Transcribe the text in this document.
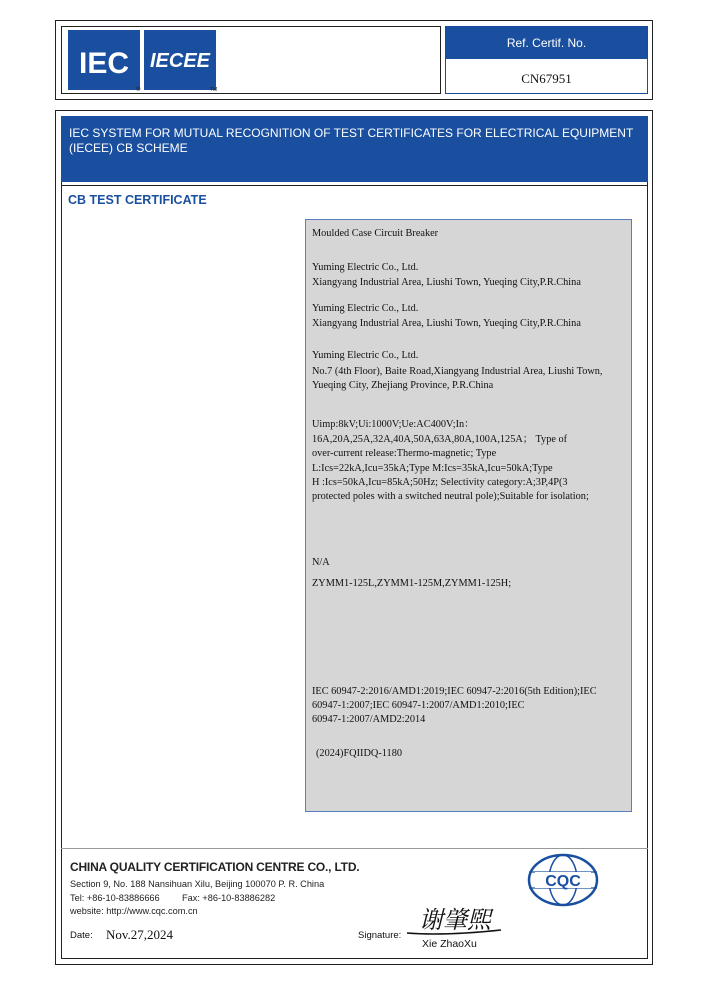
IEC IECEE
®	TM
Ref. Certif. No.
CN67951
IEC SYSTEM FOR MUTUAL RECOGNITION OF TEST CERTIFICATES FOR ELECTRICAL EQUIPMENT (IECEE) CB SCHEME
CB TEST CERTIFICATE
Moulded Case Circuit Breaker
Yuming Electric Co., Ltd.
Xiangyang Industrial Area, Liushi Town, Yueqing City,P.R.China
Yuming Electric Co., Ltd.
Xiangyang Industrial Area, Liushi Town, Yueqing City,P.R.China
Yuming Electric Co., Ltd.
No.7 (4th Floor), Baite Road,Xiangyang Industrial Area, Liushi Town,
Yueqing City, Zhejiang Province, P.R.China
Uimp:8kV;Ui:1000V;Ue:AC400V;In：
16A,20A,25A,32A,40A,50A,63A,80A,100A,125A； Type of
over-current release:Thermo-magnetic; Type
L:Ics=22kA,Icu=35kA;Type M:Ics=35kA,Icu=50kA;Type
H :Ics=50kA,Icu=85kA;50Hz; Selectivity category:A;3P,4P(3
protected poles with a switched neutral pole);Suitable for isolation;
N/A
ZYMM1-125L,ZYMM1-125M,ZYMM1-125H;
IEC 60947-2:2016/AMD1:2019;IEC 60947-2:2016(5th Edition);IEC
60947-1:2007;IEC 60947-1:2007/AMD1:2010;IEC
60947-1:2007/AMD2:2014
(2024)FQIIDQ-1180
CHINA QUALITY CERTIFICATION CENTRE CO., LTD.
Section 9, No. 188 Nansihuan Xilu, Beijing 100070 P. R. China
Tel: +86-10-83886666 Fax: +86-10-83886282
website: http://www.cqc.com.cn
CQC
Date: Nov.27,2024	Signature:
谢肇煕
Xie ZhaoXu
